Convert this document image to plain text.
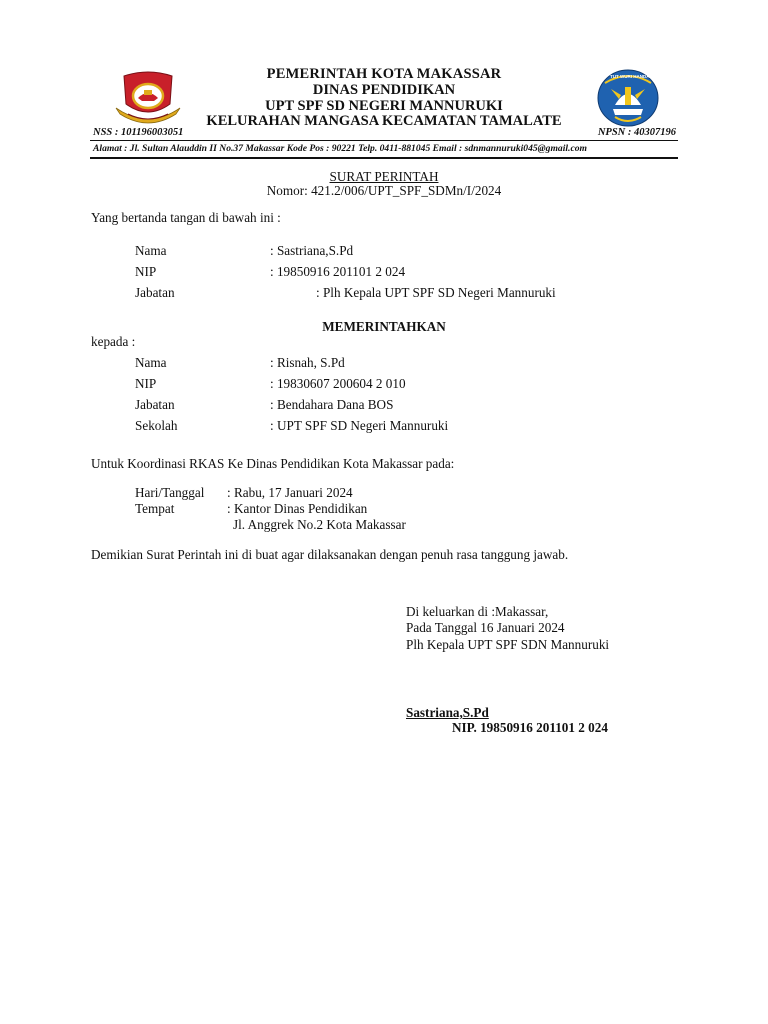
TUT WURI HANDAYANI
PEMERINTAH KOTA MAKASSAR
DINAS PENDIDIKAN
UPT SPF SD NEGERI MANNURUKI
KELURAHAN MANGASA KECAMATAN TAMALATE
NSS : 101196003051	NPSN : 40307196
Alamat : Jl. Sultan Alauddin II No.37 Makassar Kode Pos : 90221 Telp. 0411-881045 Email : sdnmannuruki045@gmail.com
SURAT PERINTAH
Nomor: 421.2/006/UPT_SPF_SDMn/I/2024
Yang bertanda tangan di bawah ini :
Nama	: Sastriana,S.Pd
NIP	: 19850916 201101 2 024
Jabatan	: Plh Kepala UPT SPF SD Negeri Mannuruki
MEMERINTAHKAN
kepada :
Nama	: Risnah, S.Pd
NIP	: 19830607 200604 2 010
Jabatan	: Bendahara Dana BOS
Sekolah	: UPT SPF SD Negeri Mannuruki
Untuk Koordinasi RKAS Ke Dinas Pendidikan Kota Makassar pada:
Hari/Tanggal : Rabu, 17 Januari 2024
Tempat	: Kantor Dinas Pendidikan
Jl. Anggrek No.2 Kota Makassar
Demikian Surat Perintah ini di buat agar dilaksanakan dengan penuh rasa tanggung jawab.
Di keluarkan di :Makassar,
Pada Tanggal 16 Januari 2024
Plh Kepala UPT SPF SDN Mannuruki
Sastriana,S.Pd
NIP. 19850916 201101 2 024
